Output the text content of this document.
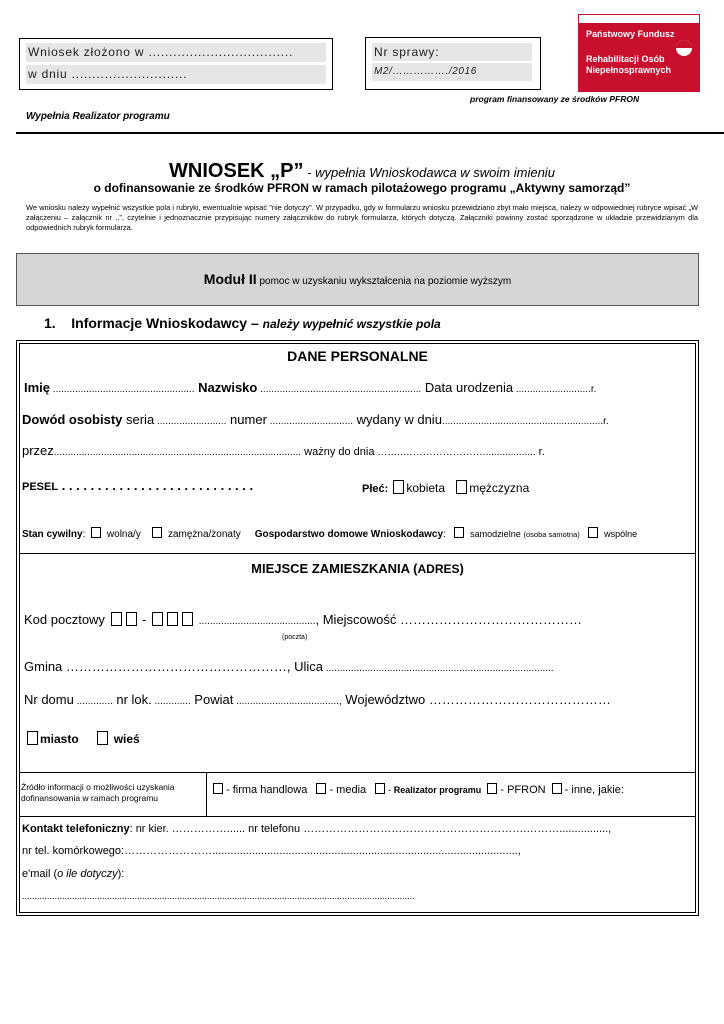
Wniosek złożono w ...................................
w dniu ............................
Nr sprawy:
M2/……………./2016
Państwowy Fundusz
Rehabilitacji Osób Niepełnosprawnych
program finansowany ze środków PFRON
Wypełnia Realizator programu
WNIOSEK „P” - wypełnia Wnioskodawca w swoim imieniu
o dofinansowanie ze środków PFRON w ramach pilotażowego programu „Aktywny samorząd”
We wniosku należy wypełnić wszystkie pola i rubryki, ewentualnie wpisać "nie dotyczy". W przypadku, gdy w formularzu wniosku przewidziano zbyt mało miejsca, należy w odpowiedniej rubryce wpisać „W załączeniu – załącznik nr ..”, czytelnie i jednoznacznie przypisując numery załączników do rubryk formularza, których dotyczą. Załączniki powinny zostać sporządzone w układzie przewidzianym dla odpowiednich rubryk formularza.
Moduł II pomoc w uzyskaniu wykształcenia na poziomie wyższym
1. Informacje Wnioskodawcy – należy wypełnić wszystkie pola
DANE PERSONALNE
Imię ................................................... Nazwisko .......................................................... Data urodzenia ...........................r.
Dowód osobisty seria ......................... numer .............................. wydany w dniu..........................................................r.
przez......................................................................................... ważny do dnia ……..……………………................... r.
PESEL . . . . . . . . . . . . . . . . . . . . . . . . . . .	Płeć: kobieta mężczyzna
Stan cywilny: wolna/y	zamężna/żonaty Gospodarstwo domowe Wnioskodawcy:	samodzielne (osoba samotna)	wspólne
MIEJSCE ZAMIESZKANIA (ADRES)
Kod pocztowy	-	.........................................., Miejscowość ……………………………………
(poczta)
Gmina ……………………………………………, Ulica ..................................................................................
Nr domu ............. nr lok. ............. Powiat ....................................., Województwo ……………………………………
miasto	wieś
Źródło informacji o możliwości uzyskania dofinansowania w ramach programu
- firma handlowa - media - Realizator programu - PFRON - inne, jakie:
Kontakt telefoniczny: nr kier. ……………...... nr telefonu …………………………………………………….………................,
nr tel. komórkowego:……………………....................................................................................................,
e'mail (o ile dotyczy):
.............................................................................................................................................................
